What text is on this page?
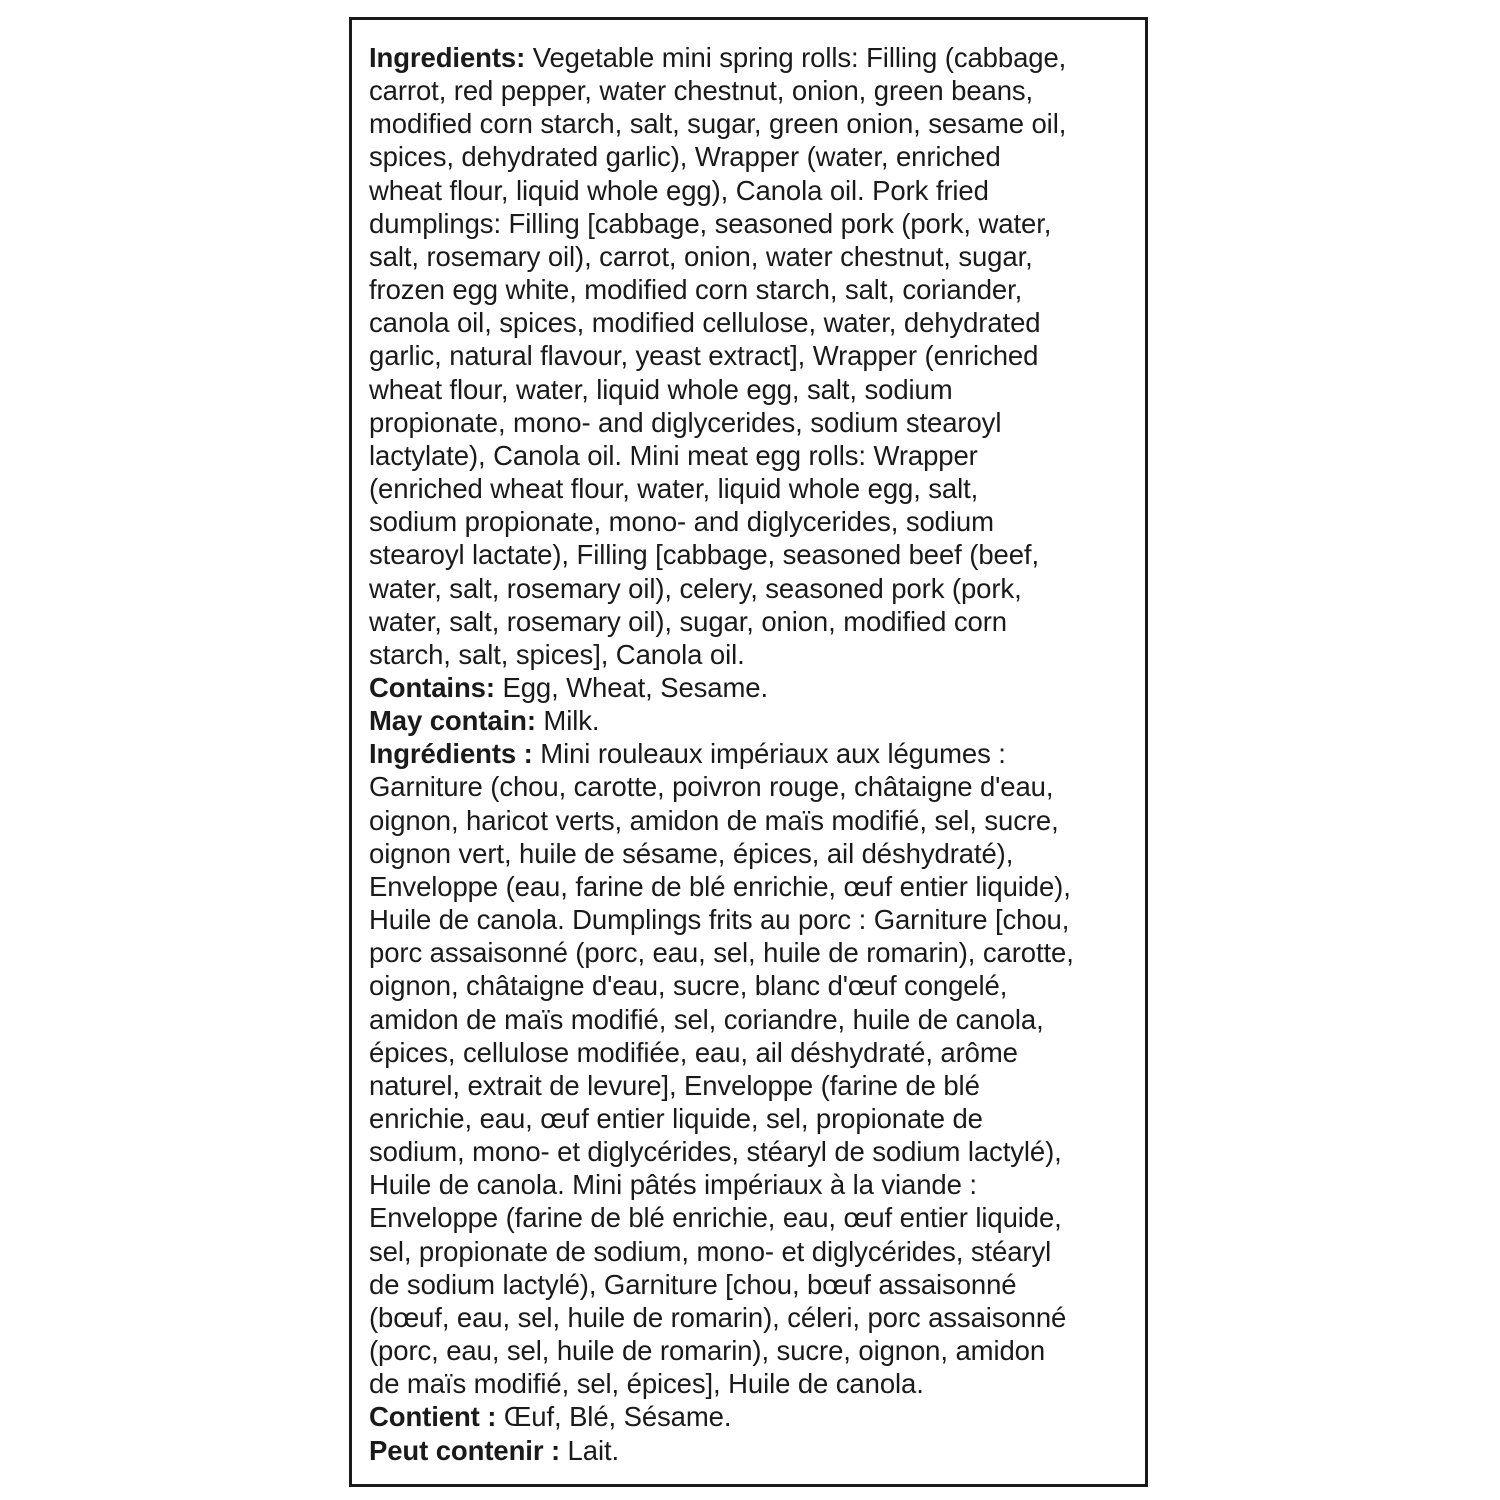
Ingredients: Vegetable mini spring rolls: Filling (cabbage,
carrot, red pepper, water chestnut, onion, green beans,
modified corn starch, salt, sugar, green onion, sesame oil,
spices, dehydrated garlic), Wrapper (water, enriched
wheat flour, liquid whole egg), Canola oil. Pork fried
dumplings: Filling [cabbage, seasoned pork (pork, water,
salt, rosemary oil), carrot, onion, water chestnut, sugar,
frozen egg white, modified corn starch, salt, coriander,
canola oil, spices, modified cellulose, water, dehydrated
garlic, natural flavour, yeast extract], Wrapper (enriched
wheat flour, water, liquid whole egg, salt, sodium
propionate, mono- and diglycerides, sodium stearoyl
lactylate), Canola oil. Mini meat egg rolls: Wrapper
(enriched wheat flour, water, liquid whole egg, salt,
sodium propionate, mono- and diglycerides, sodium
stearoyl lactate), Filling [cabbage, seasoned beef (beef,
water, salt, rosemary oil), celery, seasoned pork (pork,
water, salt, rosemary oil), sugar, onion, modified corn
starch, salt, spices], Canola oil.
Contains: Egg, Wheat, Sesame.
May contain: Milk.
Ingrédients : Mini rouleaux impériaux aux légumes :
Garniture (chou, carotte, poivron rouge, châtaigne d'eau,
oignon, haricot verts, amidon de maïs modifié, sel, sucre,
oignon vert, huile de sésame, épices, ail déshydraté),
Enveloppe (eau, farine de blé enrichie, œuf entier liquide),
Huile de canola. Dumplings frits au porc : Garniture [chou,
porc assaisonné (porc, eau, sel, huile de romarin), carotte,
oignon, châtaigne d'eau, sucre, blanc d'œuf congelé,
amidon de maïs modifié, sel, coriandre, huile de canola,
épices, cellulose modifiée, eau, ail déshydraté, arôme
naturel, extrait de levure], Enveloppe (farine de blé
enrichie, eau, œuf entier liquide, sel, propionate de
sodium, mono- et diglycérides, stéaryl de sodium lactylé),
Huile de canola. Mini pâtés impériaux à la viande :
Enveloppe (farine de blé enrichie, eau, œuf entier liquide,
sel, propionate de sodium, mono- et diglycérides, stéaryl
de sodium lactylé), Garniture [chou, bœuf assaisonné
(bœuf, eau, sel, huile de romarin), céleri, porc assaisonné
(porc, eau, sel, huile de romarin), sucre, oignon, amidon
de maïs modifié, sel, épices], Huile de canola.
Contient : Œuf, Blé, Sésame.
Peut contenir : Lait.
